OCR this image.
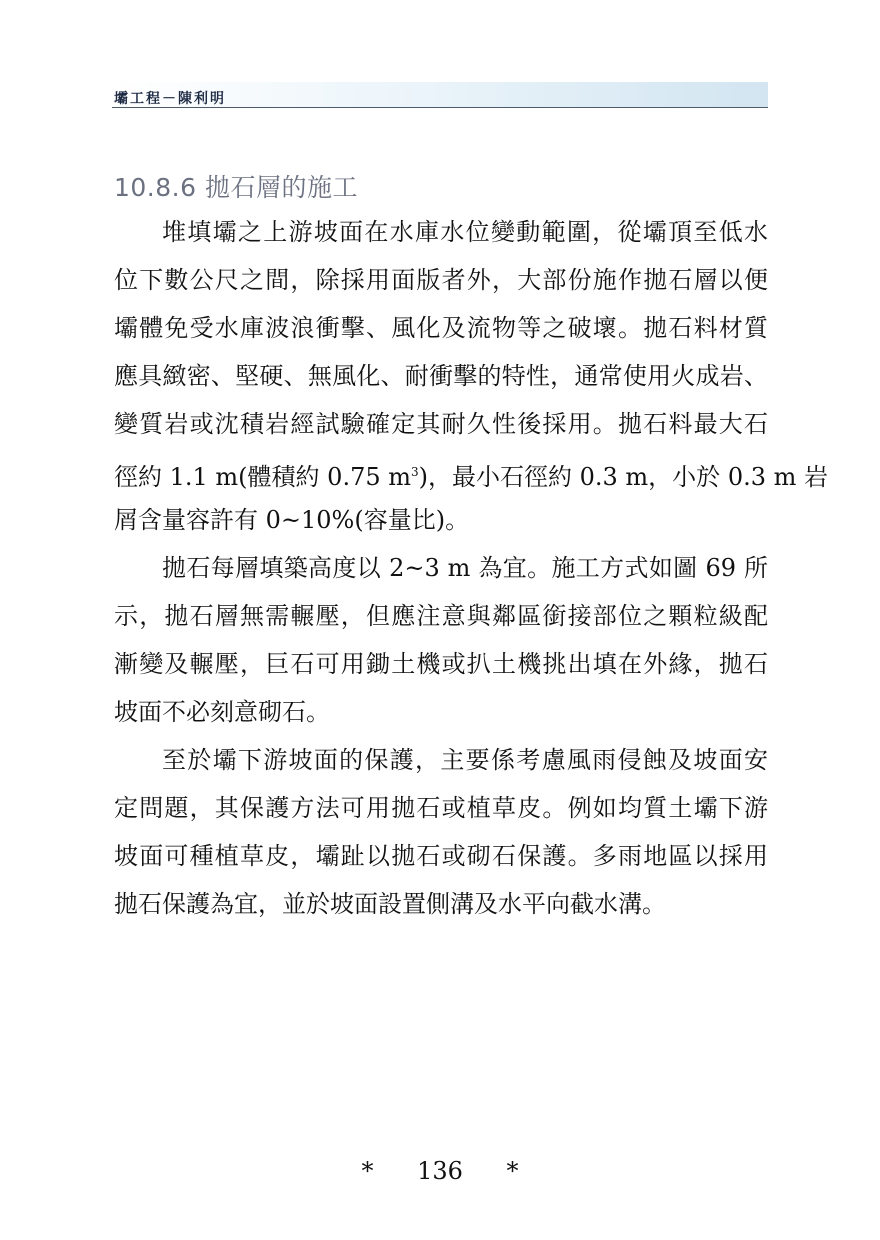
壩工程－陳利明
10.8.6 拋石層的施工
堆填壩之上游坡面在水庫水位變動範圍，從壩頂至低水
位下數公尺之間，除採用面版者外，大部份施作拋石層以便
壩體免受水庫波浪衝擊、風化及流物等之破壞。拋石料材質
應具緻密、堅硬、無風化、耐衝擊的特性，通常使用火成岩、
變質岩或沈積岩經試驗確定其耐久性後採用。拋石料最大石
徑約 1.1 m(體積約 0.75 $m^3$)，最小石徑約 0.3 m，小於 0.3 m 岩
屑含量容許有 0~10%(容量比)。
拋石每層填築高度以 2~3 m 為宜。施工方式如圖 69 所
示，拋石層無需輾壓，但應注意與鄰區銜接部位之顆粒級配
漸變及輾壓，巨石可用鋤土機或扒土機挑出填在外緣，拋石
坡面不必刻意砌石。
至於壩下游坡面的保護，主要係考慮風雨侵蝕及坡面安
定問題，其保護方法可用拋石或植草皮。例如均質土壩下游
坡面可種植草皮，壩趾以拋石或砌石保護。多雨地區以採用
拋石保護為宜，並於坡面設置側溝及水平向截水溝。
* 136 *
